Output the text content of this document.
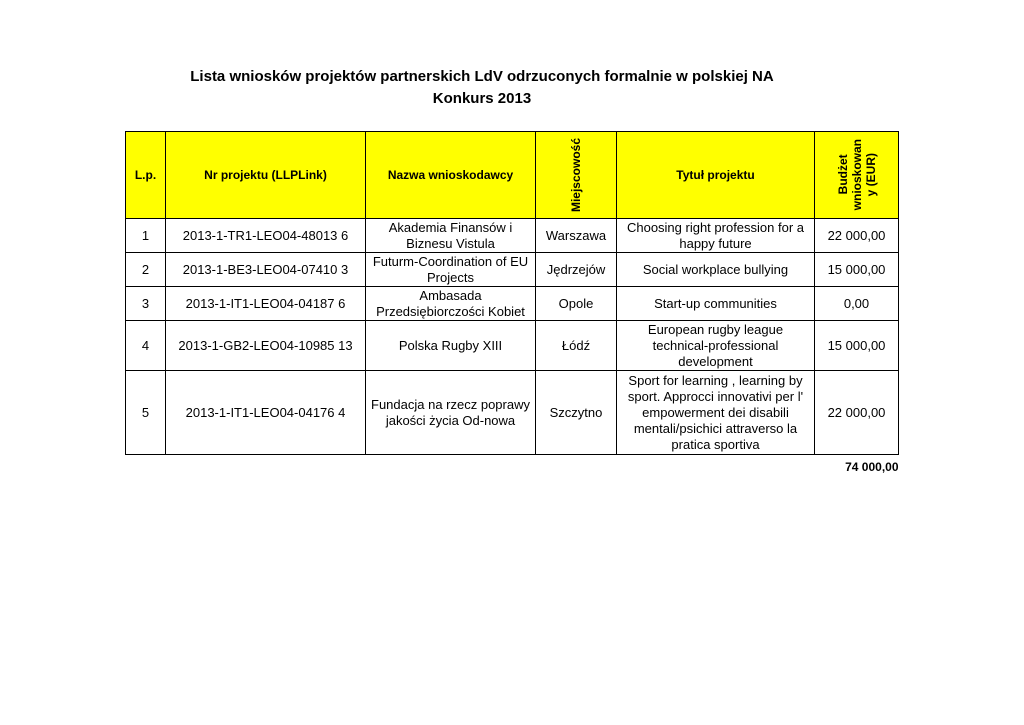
Lista wniosków projektów partnerskich LdV odrzuconych formalnie w polskiej NA
Konkurs 2013
L.p.	Nr projektu (LLPLink)	Nazwa wnioskodawcy	Miejscowość	Tytuł projektu	Budżet
wnioskowan
y (EUR)

1	2013-1-TR1-LEO04-48013 6	Akademia Finansów i Biznesu Vistula	Warszawa	Choosing right profession for a happy future	22 000,00
2	2013-1-BE3-LEO04-07410 3	Futurm-Coordination of EU Projects	Jędrzejów	Social workplace bullying	15 000,00
3	2013-1-IT1-LEO04-04187 6	Ambasada Przedsiębiorczości Kobiet	Opole	Start-up communities	0,00
4	2013-1-GB2-LEO04-10985 13	Polska Rugby XIII	Łódź	European rugby league technical-professional development	15 000,00
5	2013-1-IT1-LEO04-04176 4	Fundacja na rzecz poprawy jakości życia Od-nowa	Szczytno	Sport for learning , learning by sport. Approcci innovativi per l' empowerment dei disabili mentali/psichici attraverso la pratica sportiva	22 000,00
74 000,00					
